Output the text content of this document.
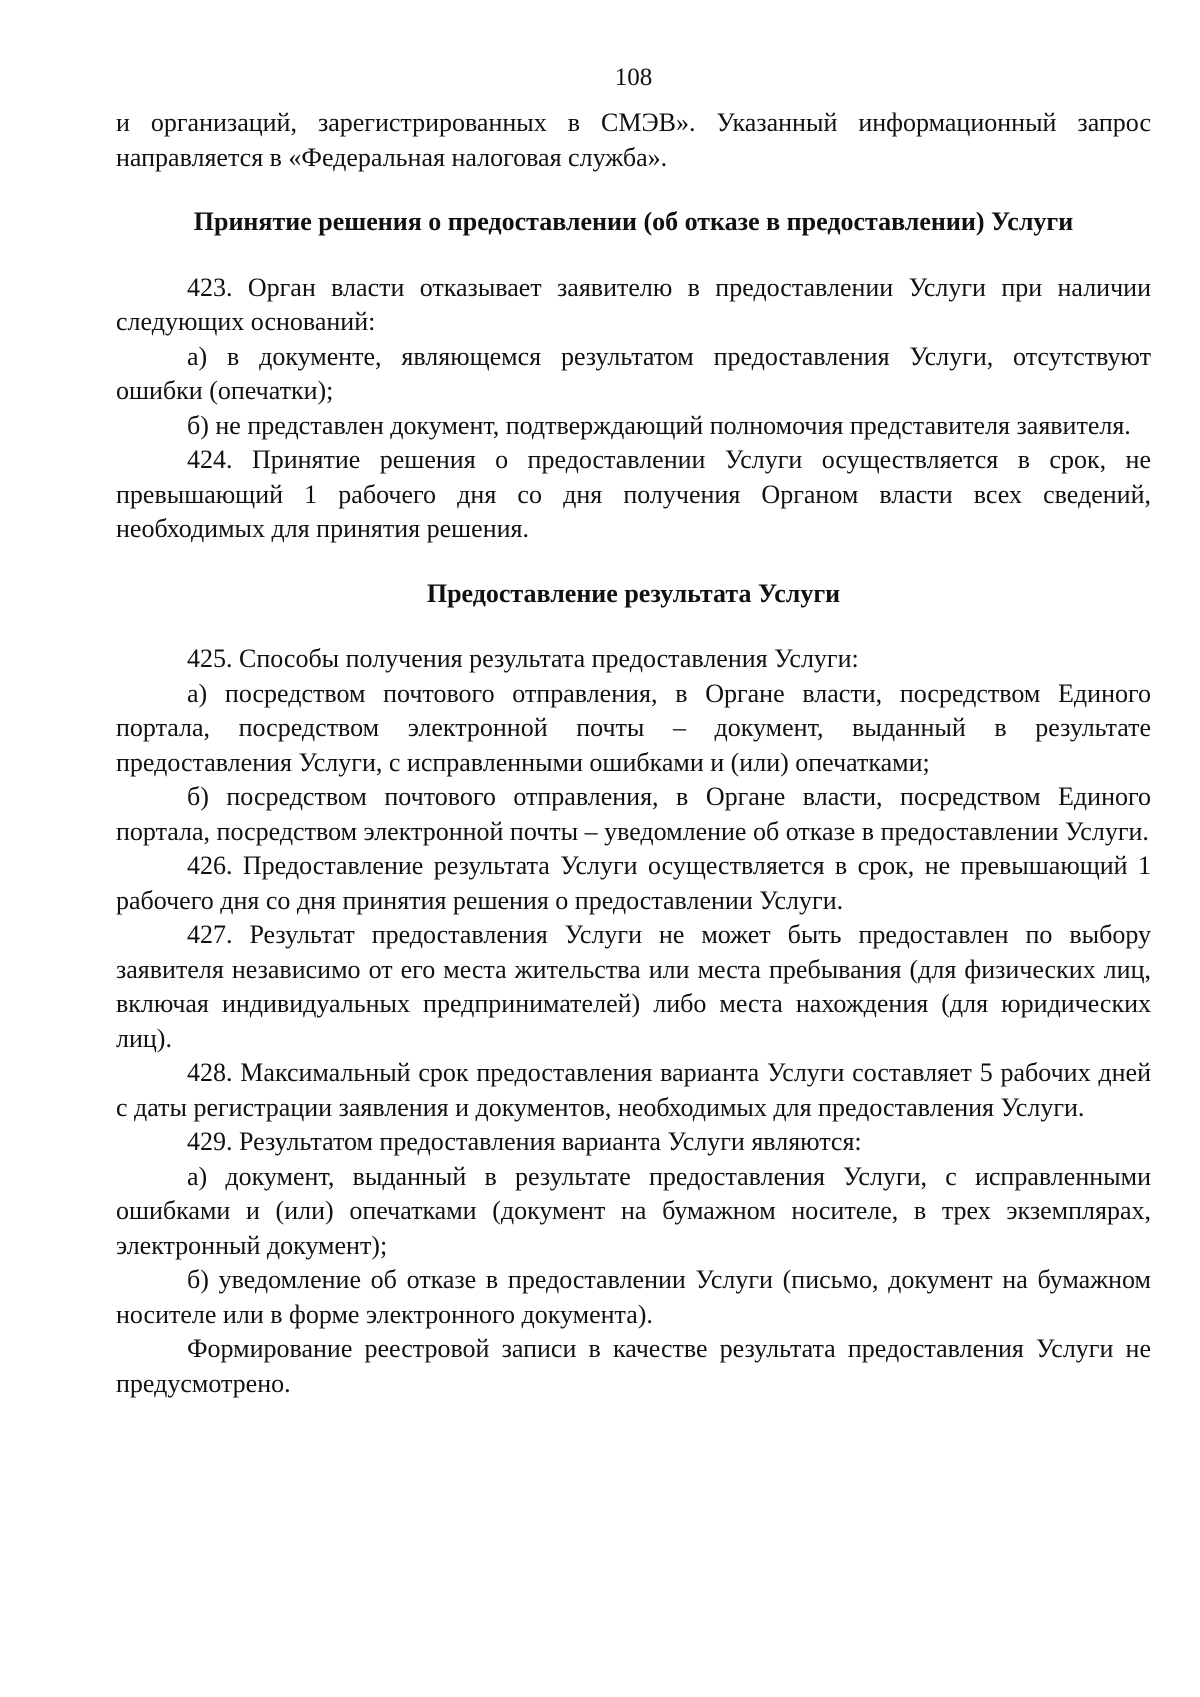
108

и организаций, зарегистрированных в СМЭВ». Указанный информационный запрос направляется в «Федеральная налоговая служба».

Принятие решения о предоставлении (об отказе в предоставлении) Услуги

423. Орган власти отказывает заявителю в предоставлении Услуги при наличии следующих оснований:

а) в документе, являющемся результатом предоставления Услуги, отсутствуют ошибки (опечатки);

б) не представлен документ, подтверждающий полномочия представителя заявителя.

424. Принятие решения о предоставлении Услуги осуществляется в срок, не превышающий 1 рабочего дня со дня получения Органом власти всех сведений, необходимых для принятия решения.

Предоставление результата Услуги

425. Способы получения результата предоставления Услуги:

а) посредством почтового отправления, в Органе власти, посредством Единого портала, посредством электронной почты – документ, выданный в результате предоставления Услуги, с исправленными ошибками и (или) опечатками;

б) посредством почтового отправления, в Органе власти, посредством Единого портала, посредством электронной почты – уведомление об отказе в предоставлении Услуги.

426. Предоставление результата Услуги осуществляется в срок, не превышающий 1 рабочего дня со дня принятия решения о предоставлении Услуги.

427. Результат предоставления Услуги не может быть предоставлен по выбору заявителя независимо от его места жительства или места пребывания (для физических лиц, включая индивидуальных предпринимателей) либо места нахождения (для юридических лиц).

428. Максимальный срок предоставления варианта Услуги составляет 5 рабочих дней с даты регистрации заявления и документов, необходимых для предоставления Услуги.

429. Результатом предоставления варианта Услуги являются:

а) документ, выданный в результате предоставления Услуги, с исправленными ошибками и (или) опечатками (документ на бумажном носителе, в трех экземплярах, электронный документ);

б) уведомление об отказе в предоставлении Услуги (письмо, документ на бумажном носителе или в форме электронного документа).

Формирование реестровой записи в качестве результата предоставления Услуги не предусмотрено.
